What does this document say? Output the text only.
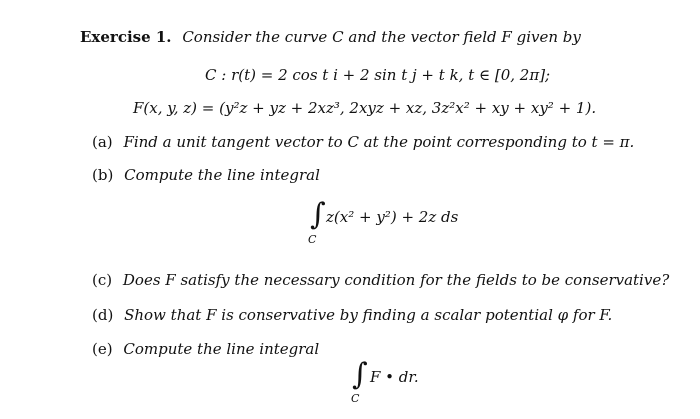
Exercise 1. Consider the curve C and the vector field F given by
C : r(t) = 2 cos t i + 2 sin t j + t k, t ∈ [0, 2π];
F(x, y, z) = (y²z + yz + 2xz³, 2xyz + xz, 3z²x² + xy + xy² + 1).
(a) Find a unit tangent vector to C at the point corresponding to t = π.
(b) Compute the line integral
∫
C
z(x² + y²) + 2z ds
(c) Does F satisfy the necessary condition for the fields to be conservative?
(d) Show that F is conservative by finding a scalar potential φ for F.
(e) Compute the line integral
∫
C
F • dr.
